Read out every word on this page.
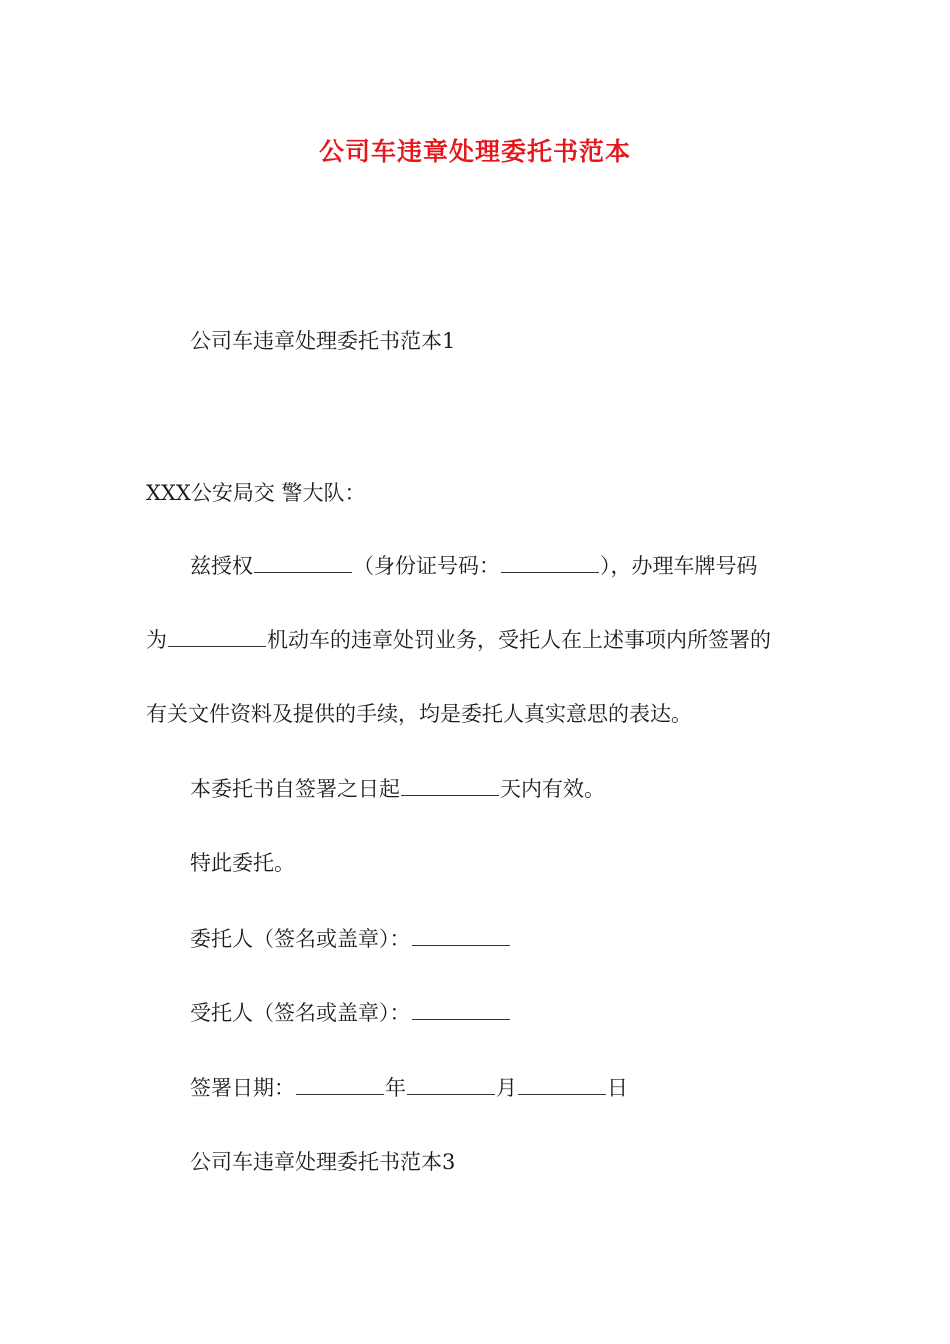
公司车违章处理委托书范本
公司车违章处理委托书范本1
XXX公安局交 警大队：
兹授权	（身份证号码：	），办理车牌号码
为	机动车的违章处罚业务，受托人在上述事项内所签署的
有关文件资料及提供的手续，均是委托人真实意思的表达。
本委托书自签署之日起	天内有效。
特此委托。
委托人（签名或盖章）：
受托人（签名或盖章）：
签署日期：	年	月	日
公司车违章处理委托书范本3
